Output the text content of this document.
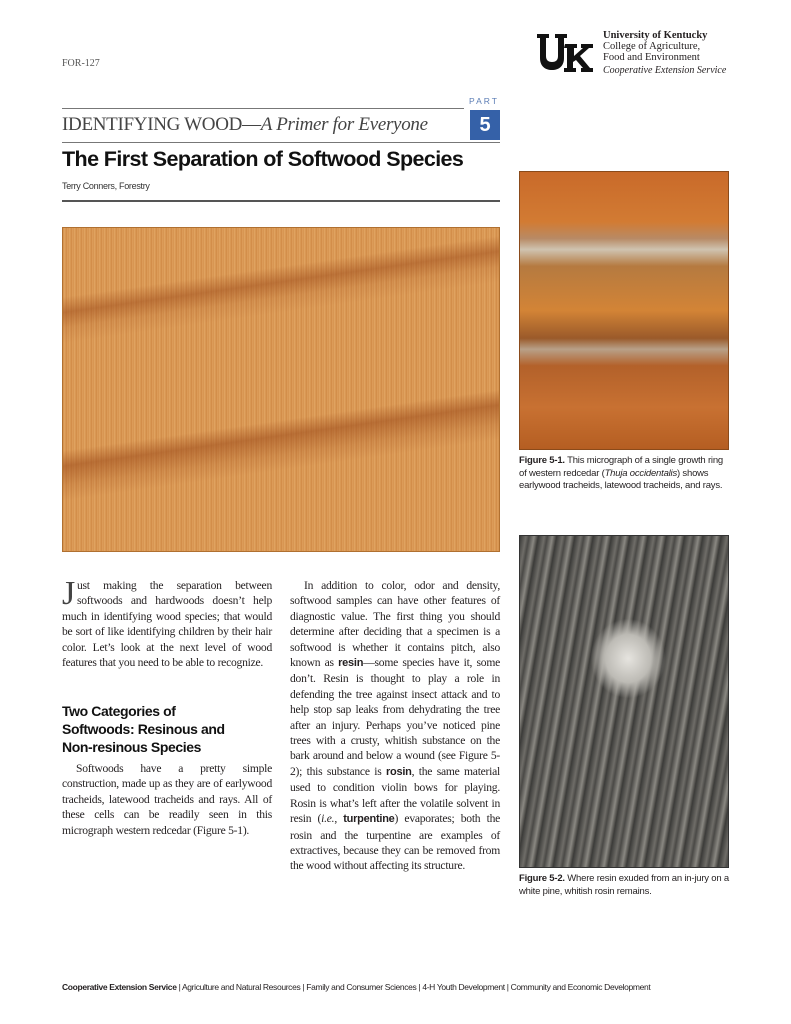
FOR-127
University of Kentucky
College of Agriculture,
Food and Environment
Cooperative Extension Service
PART
5
IDENTIFYING WOOD—A Primer for Everyone
The First Separation of Softwood Species
Terry Conners, Forestry
Figure 5-1. This micrograph of a single growth ring of western redcedar (Thuja occidentalis) shows earlywood tracheids, latewood tracheids, and rays.
Figure 5-2. Where resin exuded from an in-jury on a white pine, whitish rosin remains.

Just making the separation between softwoods and hardwoods doesn’t help much in identifying wood species; that would be sort of like identifying children by their hair color. Let’s look at the next level of wood features that you need to be able to recognize.

Two Categories of
Softwoods: Resinous and
Non-resinous Species

Softwoods have a pretty simple construction, made up as they are of earlywood tracheids, latewood tracheids and rays. All of these cells can be readily seen in this micrograph western redcedar (Figure 5-1).

In addition to color, odor and density, softwood samples can have other features of diagnostic value. The first thing you should determine after deciding that a specimen is a softwood is whether it contains pitch, also known as resin—some species have it, some don’t. Resin is thought to play a role in defending the tree against insect attack and to help stop sap leaks from dehydrating the tree after an injury. Perhaps you’ve noticed pine trees with a crusty, whitish substance on the bark around and below a wound (see Figure 5-2); this substance is rosin, the same material used to condition violin bows for playing. Rosin is what’s left after the volatile solvent in resin (i.e., turpentine) evaporates; both the rosin and the turpentine are examples of extractives, because they can be removed from the wood without affecting its structure.

Cooperative Extension Service | Agriculture and Natural Resources | Family and Consumer Sciences | 4-H Youth Development | Community and Economic Development
